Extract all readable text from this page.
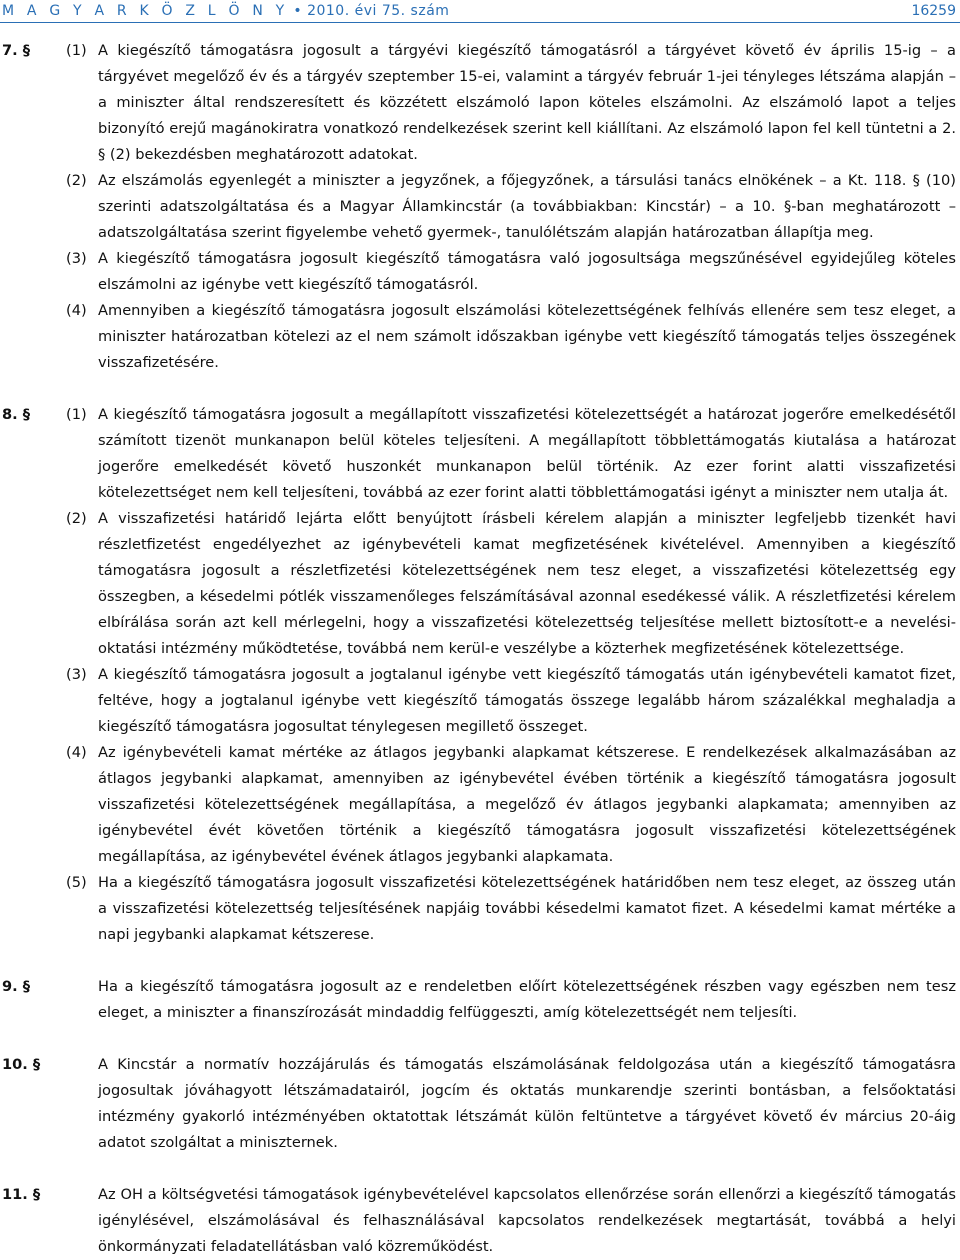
M A G Y A R K Ö Z L Ö N Y • 2010. évi 75. szám	16259
7. §	(1) A kiegészítő támogatásra jogosult a tárgyévi kiegészítő támogatásról a tárgyévet követő év április 15-ig – a tárgyévet megelőző év és a tárgyév szeptember 15-ei, valamint a tárgyév február 1-jei tényleges létszáma alapján – a miniszter által rendszeresített és közzétett elszámoló lapon köteles elszámolni. Az elszámoló lapot a teljes bizonyító erejű magánokiratra vonatkozó rendelkezések szerint kell kiállítani. Az elszámoló lapon fel kell tüntetni a 2. § (2) bekezdésben meghatározott adatokat.

(2) Az elszámolás egyenlegét a miniszter a jegyzőnek, a főjegyzőnek, a társulási tanács elnökének – a Kt. 118. § (10) szerinti adatszolgáltatása és a Magyar Államkincstár (a továbbiakban: Kincstár) – a 10. §-ban meghatározott – adatszolgáltatása szerint figyelembe vehető gyermek-, tanulólétszám alapján határozatban állapítja meg.

(3) A kiegészítő támogatásra jogosult kiegészítő támogatásra való jogosultsága megszűnésével egyidejűleg köteles elszámolni az igénybe vett kiegészítő támogatásról.

(4) Amennyiben a kiegészítő támogatásra jogosult elszámolási kötelezettségének felhívás ellenére sem tesz eleget, a miniszter határozatban kötelezi az el nem számolt időszakban igénybe vett kiegészítő támogatás teljes összegének visszafizetésére.

8. §	(1) A kiegészítő támogatásra jogosult a megállapított visszafizetési kötelezettségét a határozat jogerőre emelkedésétől számított tizenöt munkanapon belül köteles teljesíteni. A megállapított többlettámogatás kiutalása a határozat jogerőre emelkedését követő huszonkét munkanapon belül történik. Az ezer forint alatti visszafizetési kötelezettséget nem kell teljesíteni, továbbá az ezer forint alatti többlettámogatási igényt a miniszter nem utalja át.

(2) A visszafizetési határidő lejárta előtt benyújtott írásbeli kérelem alapján a miniszter legfeljebb tizenkét havi részletfizetést engedélyezhet az igénybevételi kamat megfizetésének kivételével. Amennyiben a kiegészítő támogatásra jogosult a részletfizetési kötelezettségének nem tesz eleget, a visszafizetési kötelezettség egy összegben, a késedelmi pótlék visszamenőleges felszámításával azonnal esedékessé válik. A részletfizetési kérelem elbírálása során azt kell mérlegelni, hogy a visszafizetési kötelezettség teljesítése mellett biztosított-e a nevelési-oktatási intézmény működtetése, továbbá nem kerül-e veszélybe a közterhek megfizetésének kötelezettsége.

(3) A kiegészítő támogatásra jogosult a jogtalanul igénybe vett kiegészítő támogatás után igénybevételi kamatot fizet, feltéve, hogy a jogtalanul igénybe vett kiegészítő támogatás összege legalább három százalékkal meghaladja a kiegészítő támogatásra jogosultat ténylegesen megillető összeget.

(4) Az igénybevételi kamat mértéke az átlagos jegybanki alapkamat kétszerese. E rendelkezések alkalmazásában az átlagos jegybanki alapkamat, amennyiben az igénybevétel évében történik a kiegészítő támogatásra jogosult visszafizetési kötelezettségének megállapítása, a megelőző év átlagos jegybanki alapkamata; amennyiben az igénybevétel évét követően történik a kiegészítő támogatásra jogosult visszafizetési kötelezettségének megállapítása, az igénybevétel évének átlagos jegybanki alapkamata.

(5) Ha a kiegészítő támogatásra jogosult visszafizetési kötelezettségének határidőben nem tesz eleget, az összeg után a visszafizetési kötelezettség teljesítésének napjáig további késedelmi kamatot fizet. A késedelmi kamat mértéke a napi jegybanki alapkamat kétszerese.

9. §	Ha a kiegészítő támogatásra jogosult az e rendeletben előírt kötelezettségének részben vagy egészben nem tesz eleget, a miniszter a finanszírozását mindaddig felfüggeszti, amíg kötelezettségét nem teljesíti.

10. §	A Kincstár a normatív hozzájárulás és támogatás elszámolásának feldolgozása után a kiegészítő támogatásra jogosultak jóváhagyott létszámadatairól, jogcím és oktatás munkarendje szerinti bontásban, a felsőoktatási intézmény gyakorló intézményében oktatottak létszámát külön feltüntetve a tárgyévet követő év március 20-áig adatot szolgáltat a miniszternek.

11. §	Az OH a költségvetési támogatások igénybevételével kapcsolatos ellenőrzése során ellenőrzi a kiegészítő támogatás igénylésével, elszámolásával és felhasználásával kapcsolatos rendelkezések megtartását, továbbá a helyi önkormányzati feladatellátásban való közreműködést.
